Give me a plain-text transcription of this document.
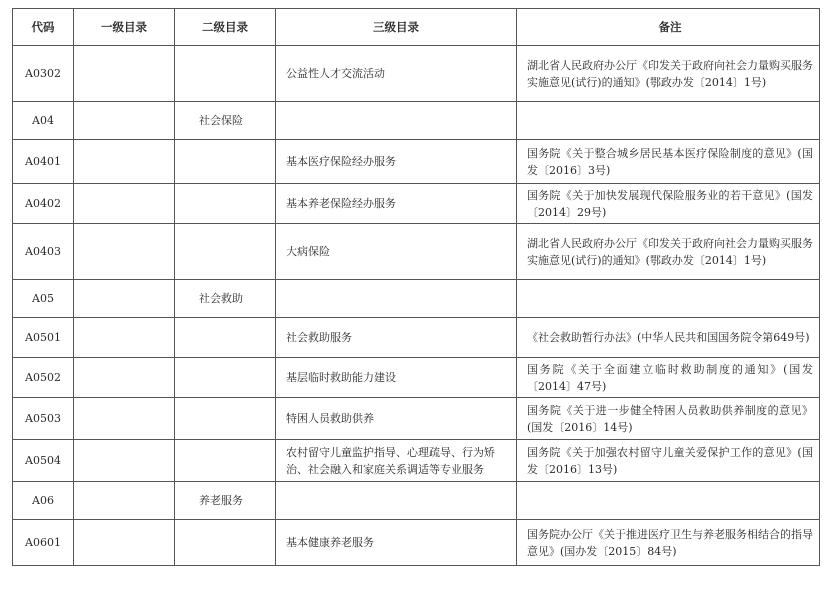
代码	一级目录	二级目录	三级目录	备注
A0302			公益性人才交流活动	湖北省人民政府办公厅《印发关于政府向社会力量购买服务实施意见(试行)的通知》(鄂政办发〔2014〕1号)
A04		社会保险		
A0401			基本医疗保险经办服务	国务院《关于整合城乡居民基本医疗保险制度的意见》(国发〔2016〕3号)
A0402			基本养老保险经办服务	国务院《关于加快发展现代保险服务业的若干意见》(国发〔2014〕29号)
A0403			大病保险	湖北省人民政府办公厅《印发关于政府向社会力量购买服务实施意见(试行)的通知》(鄂政办发〔2014〕1号)
A05		社会救助		
A0501			社会救助服务	《社会救助暂行办法》(中华人民共和国国务院令第649号)
A0502			基层临时救助能力建设	国务院《关于全面建立临时救助制度的通知》(国发〔2014〕47号)
A0503			特困人员救助供养	国务院《关于进一步健全特困人员救助供养制度的意见》(国发〔2016〕14号)
A0504			农村留守儿童监护指导、心理疏导、行为矫治、社会融入和家庭关系调适等专业服务	国务院《关于加强农村留守儿童关爱保护工作的意见》(国发〔2016〕13号)
A06		养老服务		
A0601			基本健康养老服务	国务院办公厅《关于推进医疗卫生与养老服务相结合的指导意见》(国办发〔2015〕84号)
